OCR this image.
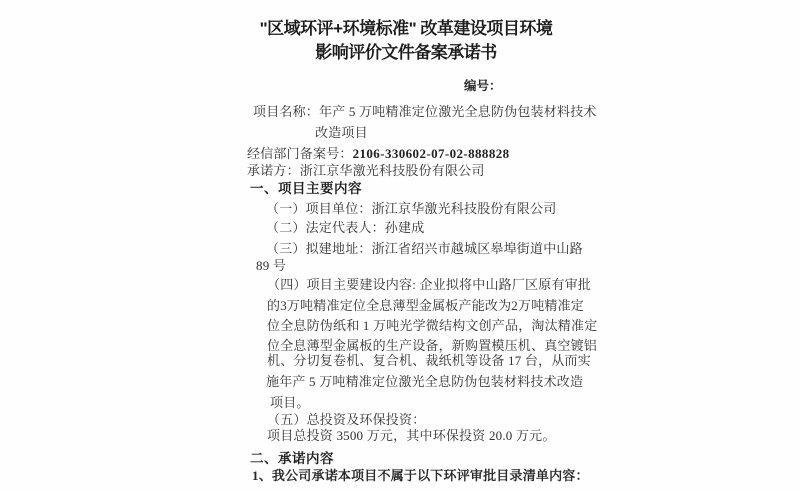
"区域环评+环境标准" 改革建设项目环境
影响评价文件备案承诺书
编号：
项目名称：年产 5 万吨精准定位激光全息防伪包装材料技术
改造项目
经信部门备案号：2106-330602-07-02-888828
承诺方：浙江京华激光科技股份有限公司
一、项目主要内容
（一）项目单位：浙江京华激光科技股份有限公司
（二）法定代表人：孙建成
（三）拟建地址：浙江省绍兴市越城区皋埠街道中山路
89 号
（四）项目主要建设内容: 企业拟将中山路厂区原有审批
的3万吨精准定位全息薄型金属板产能改为2万吨精准定
位全息防伪纸和 1 万吨光学微结构文创产品，淘汰精准定
位全息薄型金属板的生产设备，新购置模压机、真空镀铝
机、分切复卷机、复合机、裁纸机等设备 17 台，从而实
施年产 5 万吨精准定位激光全息防伪包装材料技术改造
项目。
（五）总投资及环保投资：
项目总投资 3500 万元，其中环保投资 20.0 万元。
二、承诺内容
1、我公司承诺本项目不属于以下环评审批目录清单内容：
